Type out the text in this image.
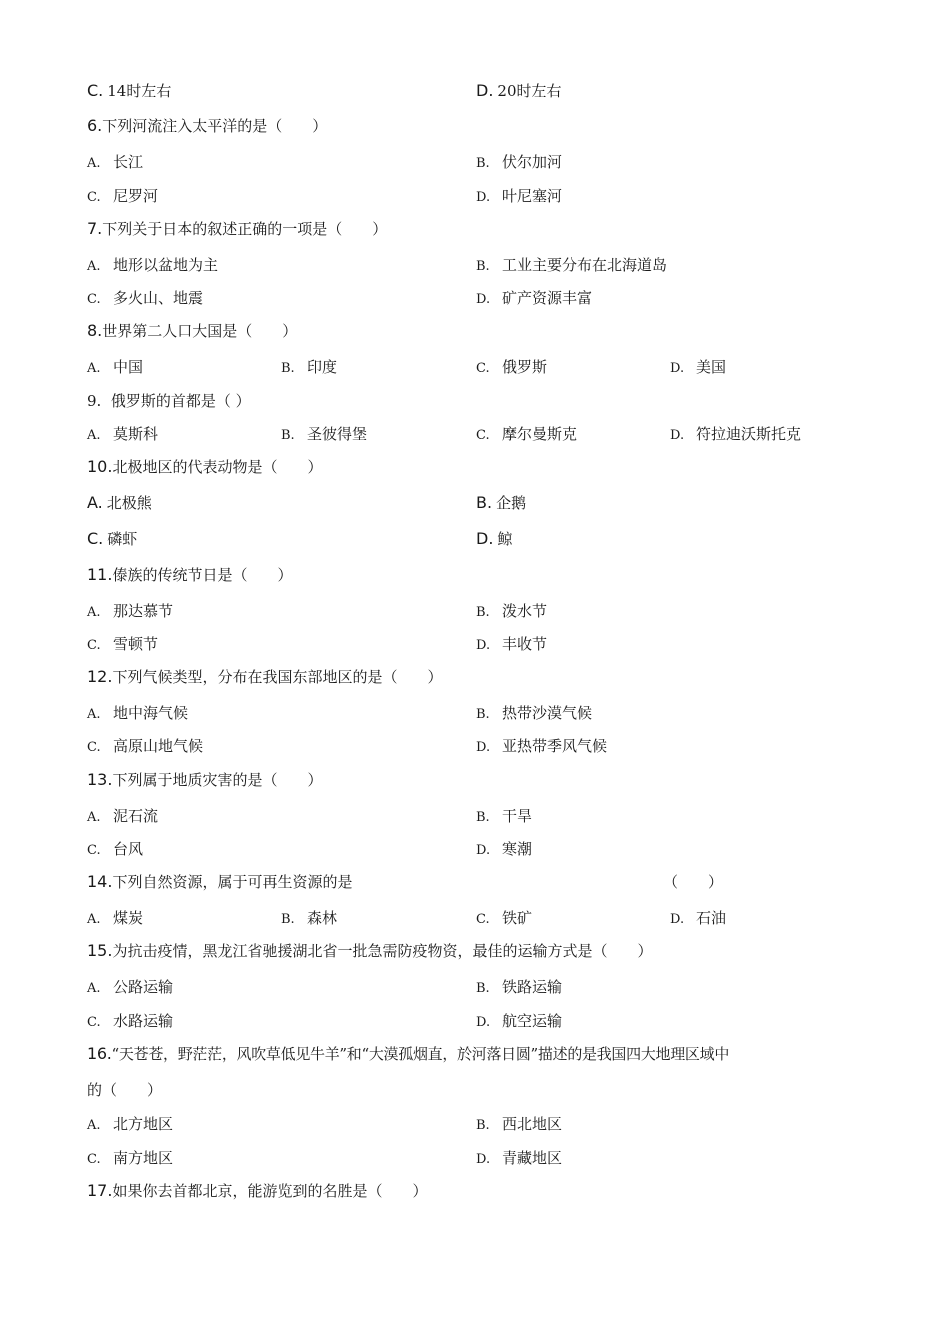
C. 14时左右	D. 20时左右
6.下列河流注入太平洋的是（　　）
A. 长江	B. 伏尔加河
C. 尼罗河	D. 叶尼塞河
7.下列关于日本的叙述正确的一项是（　　）
A. 地形以盆地为主	B. 工业主要分布在北海道岛
C. 多火山、地震	D. 矿产资源丰富
8.世界第二人口大国是（　　）
A. 中国	B. 印度	C. 俄罗斯	D. 美国
9. 俄罗斯的首都是（ ）
A. 莫斯科	B. 圣彼得堡	C. 摩尔曼斯克	D. 符拉迪沃斯托克
10.北极地区的代表动物是（　　）
A. 北极熊	B. 企鹅
C. 磷虾	D. 鲸
11.傣族的传统节日是（　　）
A. 那达慕节	B. 泼水节
C. 雪顿节	D. 丰收节
12.下列气候类型，分布在我国东部地区的是（　　）
A. 地中海气候	B. 热带沙漠气候
C. 高原山地气候	D. 亚热带季风气候
13.下列属于地质灾害的是（　　）
A. 泥石流	B. 干旱
C. 台风	D. 寒潮
14.下列自然资源，属于可再生资源的是	（　　）
A. 煤炭	B. 森林	C. 铁矿	D. 石油
15.为抗击疫情，黑龙江省驰援湖北省一批急需防疫物资，最佳的运输方式是（　　）
A. 公路运输	B. 铁路运输
C. 水路运输	D. 航空运输
16.“天苍苍，野茫茫，风吹草低见牛羊”和“大漠孤烟直，於河落日圆”描述的是我国四大地理区域中
的（　　）
A. 北方地区	B. 西北地区
C. 南方地区	D. 青藏地区
17.如果你去首都北京，能游览到的名胜是（　　）
